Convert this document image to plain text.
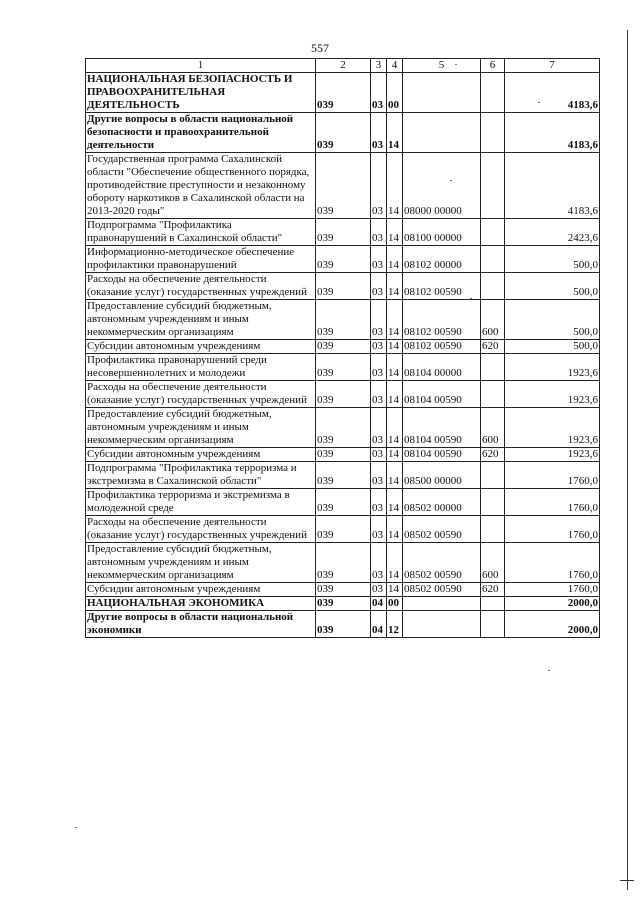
557
1	2	3	4	5	6	7
НАЦИОНАЛЬНАЯ БЕЗОПАСНОСТЬ И ПРАВООХРАНИТЕЛЬНАЯ ДЕЯТЕЛЬНОСТЬ	039	03	00			4183,6
Другие вопросы в области национальной безопасности и правоохранительной деятельности	039	03	14			4183,6
Государственная программа Сахалинской области "Обеспечение общественного порядка, противодействие преступности и незаконному обороту наркотиков в Сахалинской области на 2013-2020 годы"	039	03	14	08000 00000		4183,6
Подпрограмма "Профилактика правонарушений в Сахалинской области"	039	03	14	08100 00000		2423,6
Информационно-методическое обеспечение профилактики правонарушений	039	03	14	08102 00000		500,0
Расходы на обеспечение деятельности (оказание услуг) государственных учреждений	039	03	14	08102 00590		500,0
Предоставление субсидий бюджетным, автономным учреждениям и иным некоммерческим организациям	039	03	14	08102 00590	600	500,0
Субсидии автономным учреждениям	039	03	14	08102 00590	620	500,0
Профилактика правонарушений среди несовершеннолетних и молодежи	039	03	14	08104 00000		1923,6
Расходы на обеспечение деятельности (оказание услуг) государственных учреждений	039	03	14	08104 00590		1923,6
Предоставление субсидий бюджетным, автономным учреждениям и иным некоммерческим организациям	039	03	14	08104 00590	600	1923,6
Субсидии автономным учреждениям	039	03	14	08104 00590	620	1923,6
Подпрограмма "Профилактика терроризма и экстремизма в Сахалинской области"	039	03	14	08500 00000		1760,0
Профилактика терроризма и экстремизма в молодежной среде	039	03	14	08502 00000		1760,0
Расходы на обеспечение деятельности (оказание услуг) государственных учреждений	039	03	14	08502 00590		1760,0
Предоставление субсидий бюджетным, автономным учреждениям и иным некоммерческим организациям	039	03	14	08502 00590	600	1760,0
Субсидии автономным учреждениям	039	03	14	08502 00590	620	1760,0
НАЦИОНАЛЬНАЯ ЭКОНОМИКА	039	04	00			2000,0
Другие вопросы в области национальной экономики	039	04	12			2000,0
